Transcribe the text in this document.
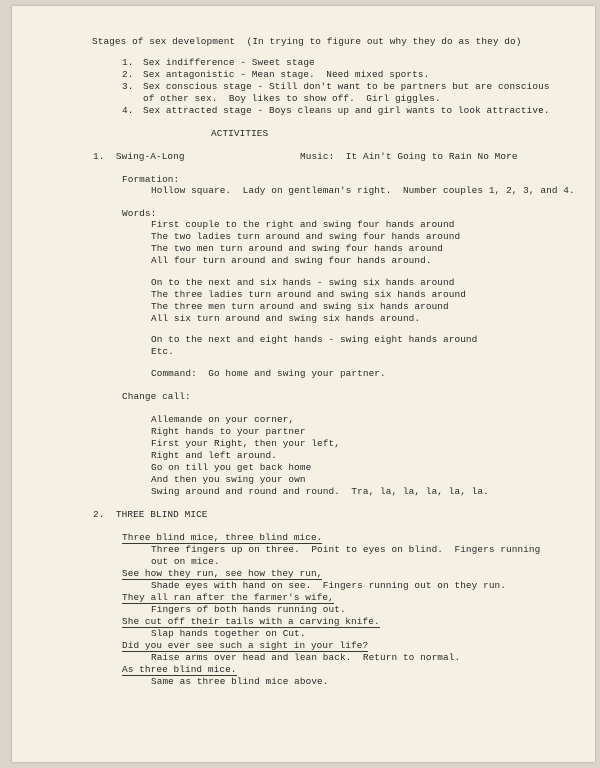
Stages of sex development  (In trying to figure out why they do as they do)
1. Sex indifference - Sweet stage
2. Sex antagonistic - Mean stage.  Need mixed sports.
3. Sex conscious stage - Still don't want to be partners but are conscious
of other sex.  Boy likes to show off.  Girl giggles.
4. Sex attracted stage - Boys cleans up and girl wants to look attractive.
ACTIVITIES
1.  Swing-A-Long	Music:  It Ain't Going to Rain No More
Formation:
Hollow square.  Lady on gentleman's right.  Number couples 1, 2, 3, and 4.
Words:
First couple to the right and swing four hands around
The two ladies turn around and swing four hands around
The two men turn around and swing four hands around
All four turn around and swing four hands around.
On to the next and six hands - swing six hands around
The three ladies turn around and swing six hands around
The three men turn around and swing six hands around
All six turn around and swing six hands around.
On to the next and eight hands - swing eight hands around
Etc.
Command:  Go home and swing your partner.
Change call:
Allemande on your corner,
Right hands to your partner
First your Right, then your left,
Right and left around.
Go on till you get back home
And then you swing your own
Swing around and round and round.  Tra, la, la, la, la, la.
2.  THREE BLIND MICE
Three blind mice, three blind mice.
Three fingers up on three.  Point to eyes on blind.  Fingers running
out on mice.
See how they run, see how they run,
Shade eyes with hand on see.  Fingers running out on they run.
They all ran after the farmer's wife,
Fingers of both hands running out.
She cut off their tails with a carving knife.
Slap hands together on Cut.
Did you ever see such a sight in your life?
Raise arms over head and lean back.  Return to normal.
As three blind mice.
Same as three blind mice above.
